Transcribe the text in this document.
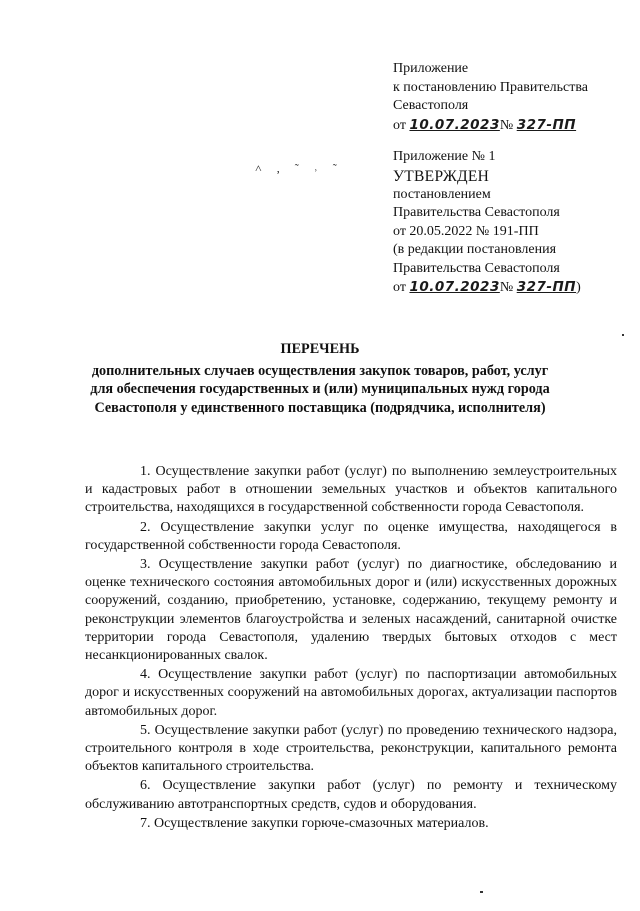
Приложение
к постановлению Правительства
Севастополя
от 10.07.2023№ 327-ПП
˄ , ˜ ˒ ˜
Приложение № 1
УТВЕРЖДЕН
постановлением
Правительства Севастополя
от 20.05.2022 № 191-ПП
(в редакции постановления
Правительства Севастополя
от 10.07.2023№ 327-ПП)
ПЕРЕЧЕНЬ
дополнительных случаев осуществления закупок товаров, работ, услуг для обеспечения государственных и (или) муниципальных нужд города Севастополя у единственного поставщика (подрядчика, исполнителя)

1. Осуществление закупки работ (услуг) по выполнению землеустроительных и кадастровых работ в отношении земельных участков и объектов капитального строительства, находящихся в государственной собственности города Севастополя.

2. Осуществление закупки услуг по оценке имущества, находящегося в государственной собственности города Севастополя.

3. Осуществление закупки работ (услуг) по диагностике, обследованию и оценке технического состояния автомобильных дорог и (или) искусственных дорожных сооружений, созданию, приобретению, установке, содержанию, текущему ремонту и реконструкции элементов благоустройства и зеленых насаждений, санитарной очистке территории города Севастополя, удалению твердых бытовых отходов с мест несанкционированных свалок.

4. Осуществление закупки работ (услуг) по паспортизации автомобильных дорог и искусственных сооружений на автомобильных дорогах, актуализации паспортов автомобильных дорог.

5. Осуществление закупки работ (услуг) по проведению технического надзора, строительного контроля в ходе строительства, реконструкции, капитального ремонта объектов капитального строительства.

6. Осуществление закупки работ (услуг) по ремонту и техническому обслуживанию автотранспортных средств, судов и оборудования.

7. Осуществление закупки горюче-смазочных материалов.
